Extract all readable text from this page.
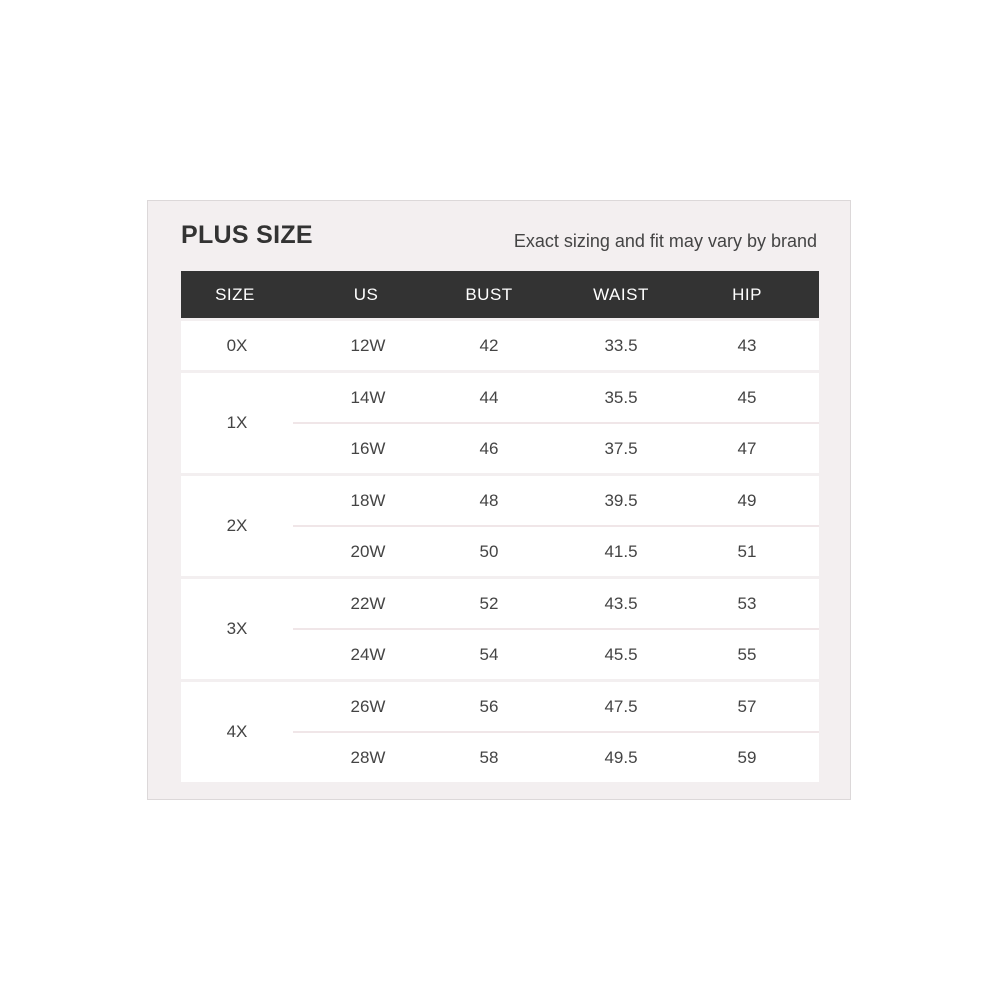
PLUS SIZE	Exact sizing and fit may vary by brand
SIZE	US	BUST	WAIST	HIP
0X	12W	42	33.5	43
1X
14W	44	35.5	45
16W	46	37.5	47
2X
18W	48	39.5	49
20W	50	41.5	51
3X
22W	52	43.5	53
24W	54	45.5	55
4X
26W	56	47.5	57
28W	58	49.5	59
